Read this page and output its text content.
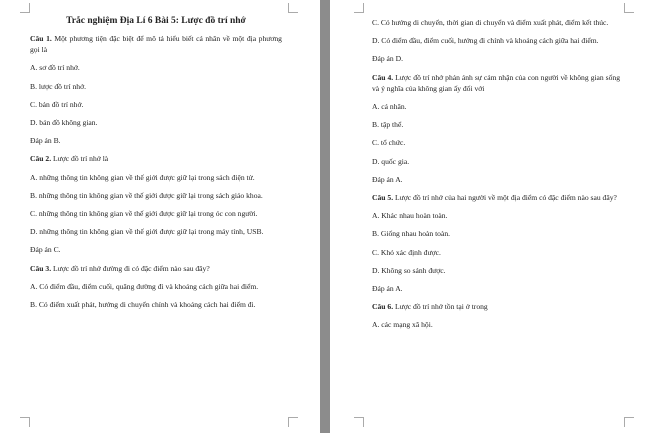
Trắc nghiệm Địa Lí 6 Bài 5: Lược đồ trí nhớ

Câu 1. Một phương tiện đặc biệt để mô tả hiểu biết cá nhân về một địa phương gọi là

A. sơ đồ trí nhớ.

B. lược đồ trí nhớ.

C. bản đồ trí nhớ.

D. bản đồ không gian.

Đáp án B.

Câu 2. Lược đồ trí nhớ là

A. những thông tin không gian về thế giới được giữ lại trong sách điện tử.

B. những thông tin không gian về thế giới được giữ lại trong sách giáo khoa.

C. những thông tin không gian về thế giới được giữ lại trong óc con người.

D. những thông tin không gian về thế giới được giữ lại trong máy tính, USB.

Đáp án C.

Câu 3. Lược đồ trí nhớ đường đi có đặc điểm nào sau đây?

A. Có điểm đầu, điểm cuối, quãng đường đi và khoảng cách giữa hai điểm.

B. Có điểm xuất phát, hướng di chuyển chính và khoảng cách hai điểm đi.

C. Có hướng di chuyển, thời gian di chuyển và điểm xuất phát, điểm kết thúc.

D. Có điểm đầu, điểm cuối, hướng đi chính và khoảng cách giữa hai điểm.

Đáp án D.

Câu 4. Lược đồ trí nhớ phản ánh sự cảm nhận của con người về không gian sống và ý nghĩa của không gian ấy đối với

A. cá nhân.

B. tập thể.

C. tổ chức.

D. quốc gia.

Đáp án A.

Câu 5. Lược đồ trí nhớ của hai người về một địa điểm có đặc điểm nào sau đây?

A. Khác nhau hoàn toàn.

B. Giống nhau hoàn toàn.

C. Khó xác định được.

D. Không so sánh được.

Đáp án A.

Câu 6. Lược đồ trí nhớ tồn tại ở trong

A. các mạng xã hội.
